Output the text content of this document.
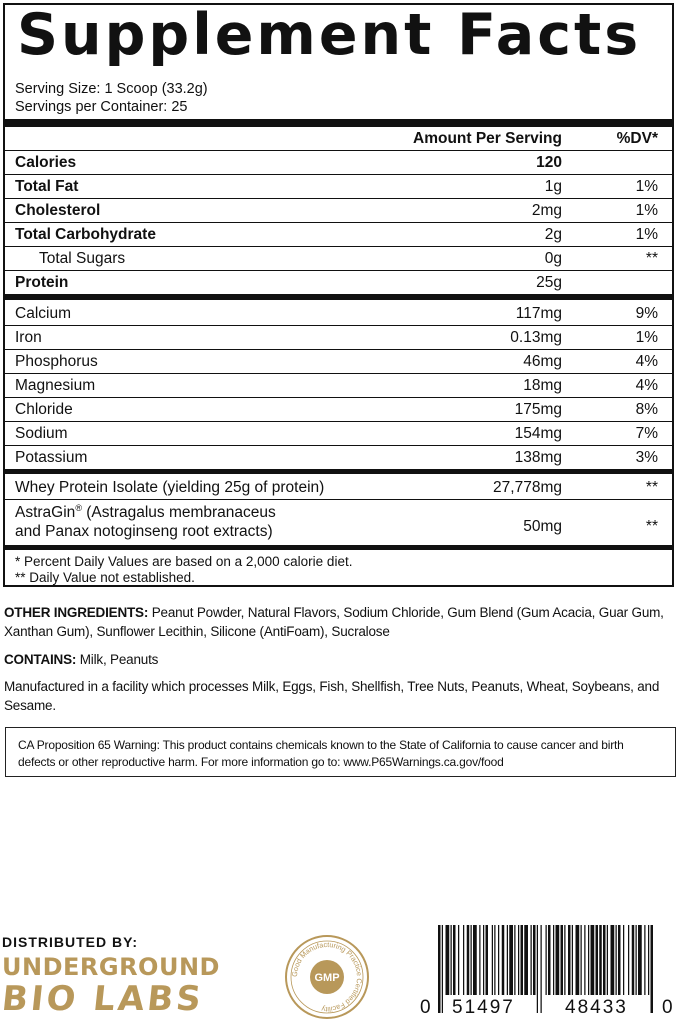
Supplement Facts
Serving Size: 1 Scoop (33.2g)
Servings per Container: 25
Amount Per Serving	%DV*
Calories	120
Total Fat	1g	1%
Cholesterol	2mg	1%
Total Carbohydrate	2g	1%
Total Sugars	0g	**
Protein	25g
Calcium	117mg	9%
Iron	0.13mg	1%
Phosphorus	46mg	4%
Magnesium	18mg	4%
Chloride	175mg	8%
Sodium	154mg	7%
Potassium	138mg	3%
Whey Protein Isolate (yielding 25g of protein)	27,778mg	**
AstraGin® (Astragalus membranaceus
and Panax notoginseng root extracts)	50mg	**
* Percent Daily Values are based on a 2,000 calorie diet.
** Daily Value not established.
OTHER INGREDIENTS: Peanut Powder, Natural Flavors, Sodium Chloride, Gum Blend (Gum Acacia, Guar Gum, Xanthan Gum), Sunflower Lecithin, Silicone (AntiFoam), Sucralose
CONTAINS: Milk, Peanuts
Manufactured in a facility which processes Milk, Eggs, Fish, Shellfish, Tree Nuts, Peanuts, Wheat, Soybeans, and Sesame.
CA Proposition 65 Warning: This product contains chemicals known to the State of California to cause cancer and birth defects or other reproductive harm. For more information go to: www.P65Warnings.ca.gov/food
DISTRIBUTED BY:
UNDERGROUND
BIO LABS
Good Manufacturing Practice Certified Facility
GMP
0 51497	48433 0
